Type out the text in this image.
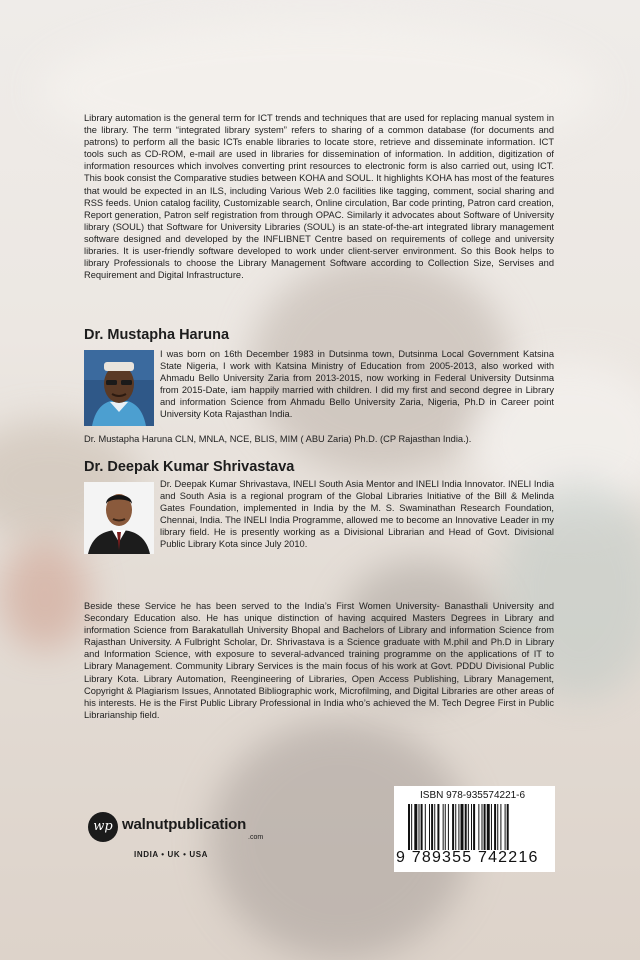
Library automation is the general term for ICT trends and techniques that are used for replacing manual system in the library. The term “integrated library system” refers to sharing of a common database (for documents and patrons) to perform all the basic ICTs enable libraries to locate store, retrieve and disseminate information. ICT tools such as CD-ROM, e-mail are used in libraries for dissemination of information. In addition, digitization of information resources which involves converting print resources to electronic form is also carried out, using ICT. This book consist the Comparative studies between KOHA and SOUL. It highlights KOHA has most of the features that would be expected in an ILS, including Various Web 2.0 facilities like tagging, comment, social sharing and RSS feeds. Union catalog facility, Customizable search, Online circulation, Bar code printing, Patron card creation, Report generation, Patron self registration from through OPAC. Similarly it advocates about Software of University library (SOUL) that Software for University Libraries (SOUL) is an state-of-the-art integrated library management software designed and developed by the INFLIBNET Centre based on requirements of college and university libraries. It is user-friendly software developed to work under client-server environment. So this Book helps to library Professionals to choose the Library Management Software according to Collection Size, Servises and Requirement and Digital Infrastructure.
Dr. Mustapha Haruna
I was born on 16th December 1983 in Dutsinma town, Dutsinma Local Government Katsina State Nigeria, I work with Katsina Ministry of Education from 2005-2013, also worked with Ahmadu Bello University Zaria from 2013-2015, now working in Federal University Dutsinma from 2015-Date, iam happily married with children. I did my first and second degree in Library and information Science from Ahmadu Bello University Zaria, Nigeria, Ph.D in Career point University Kota Rajasthan India.
Dr. Mustapha Haruna CLN, MNLA, NCE, BLIS, MIM ( ABU Zaria) Ph.D. (CP Rajasthan India.).
Dr. Deepak Kumar Shrivastava
Dr. Deepak Kumar Shrivastava, INELI South Asia Mentor and INELI India Innovator. INELI India and South Asia is a regional program of the Global Libraries Initiative of the Bill & Melinda Gates Foundation, implemented in India by the M. S. Swaminathan Research Foundation, Chennai, India. The INELI India Programme, allowed me to become an Innovative Leader in my library field. He is presently working as a Divisional Librarian and Head of Govt. Divisional Public Library Kota since July 2010.
Beside these Service he has been served to the India’s First Women University- Banasthali University and Secondary Education also. He has unique distinction of having acquired Masters Degrees in Library and information Science from Barakatullah University Bhopal and Bachelors of Library and information Science from Rajasthan University. A Fulbright Scholar, Dr. Shrivastava is a Science graduate with M.phil and Ph.D in Library and Information Science, with exposure to several-advanced training programme on the applications of IT to Library Management. Community Library Services is the main focus of his work at Govt. PDDU Divisional Public Library Kota. Library Automation, Reengineering of Libraries, Open Access Publishing, Library Management, Copyright & Plagiarism Issues, Annotated Bibliographic work, Microfilming, and Digital Libraries are other areas of his interests. He is the First Public Library Professional in India who’s achieved the M. Tech Degree First in Public Librarianship field.
wp walnutpublication
.com
INDIA • UK • USA
ISBN 978-935574221-6
9 789355 742216
